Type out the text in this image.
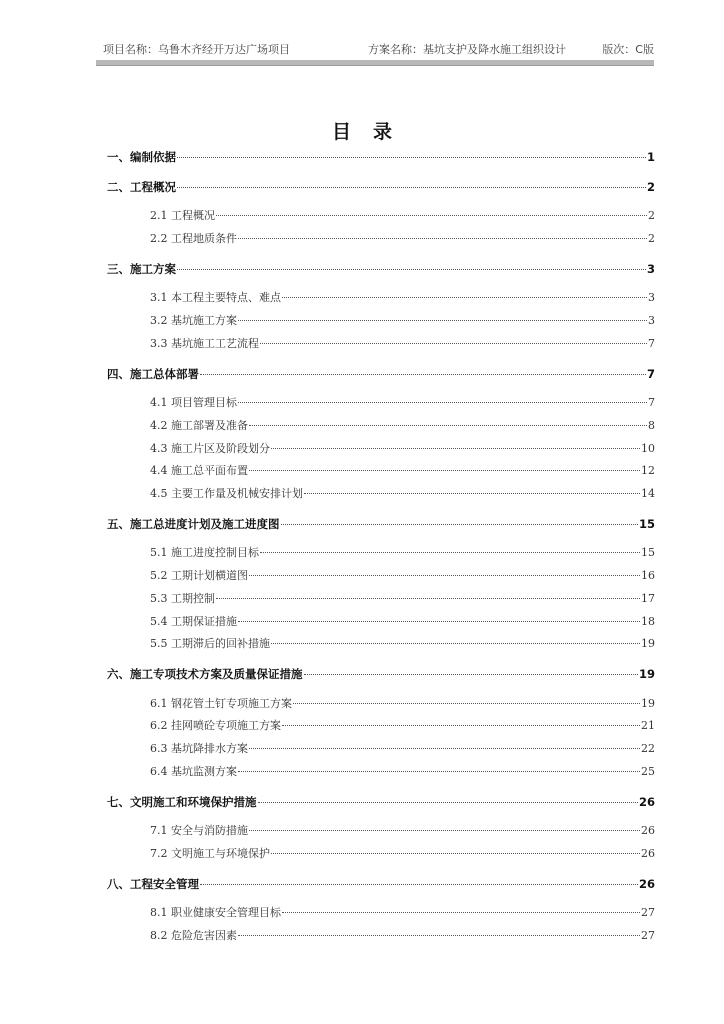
项目名称：乌鲁木齐经开万达广场项目	方案名称：基坑支护及降水施工组织设计	版次：C版
目录
一、编制依据	1
二、工程概况	2
2.1 工程概况	2
2.2 工程地质条件	2
三、施工方案	3
3.1 本工程主要特点、难点	3
3.2 基坑施工方案	3
3.3 基坑施工工艺流程	7
四、施工总体部署	7
4.1 项目管理目标	7
4.2 施工部署及准备	8
4.3 施工片区及阶段划分	10
4.4 施工总平面布置	12
4.5 主要工作量及机械安排计划	14
五、施工总进度计划及施工进度图	15
5.1 施工进度控制目标	15
5.2 工期计划横道图	16
5.3 工期控制	17
5.4 工期保证措施	18
5.5 工期滞后的回补措施	19
六、施工专项技术方案及质量保证措施	19
6.1 钢花管土钉专项施工方案	19
6.2 挂网喷砼专项施工方案	21
6.3 基坑降排水方案	22
6.4 基坑监测方案	25
七、文明施工和环境保护措施	26
7.1 安全与消防措施	26
7.2 文明施工与环境保护	26
八、工程安全管理	26
8.1 职业健康安全管理目标	27
8.2 危险危害因素	27
